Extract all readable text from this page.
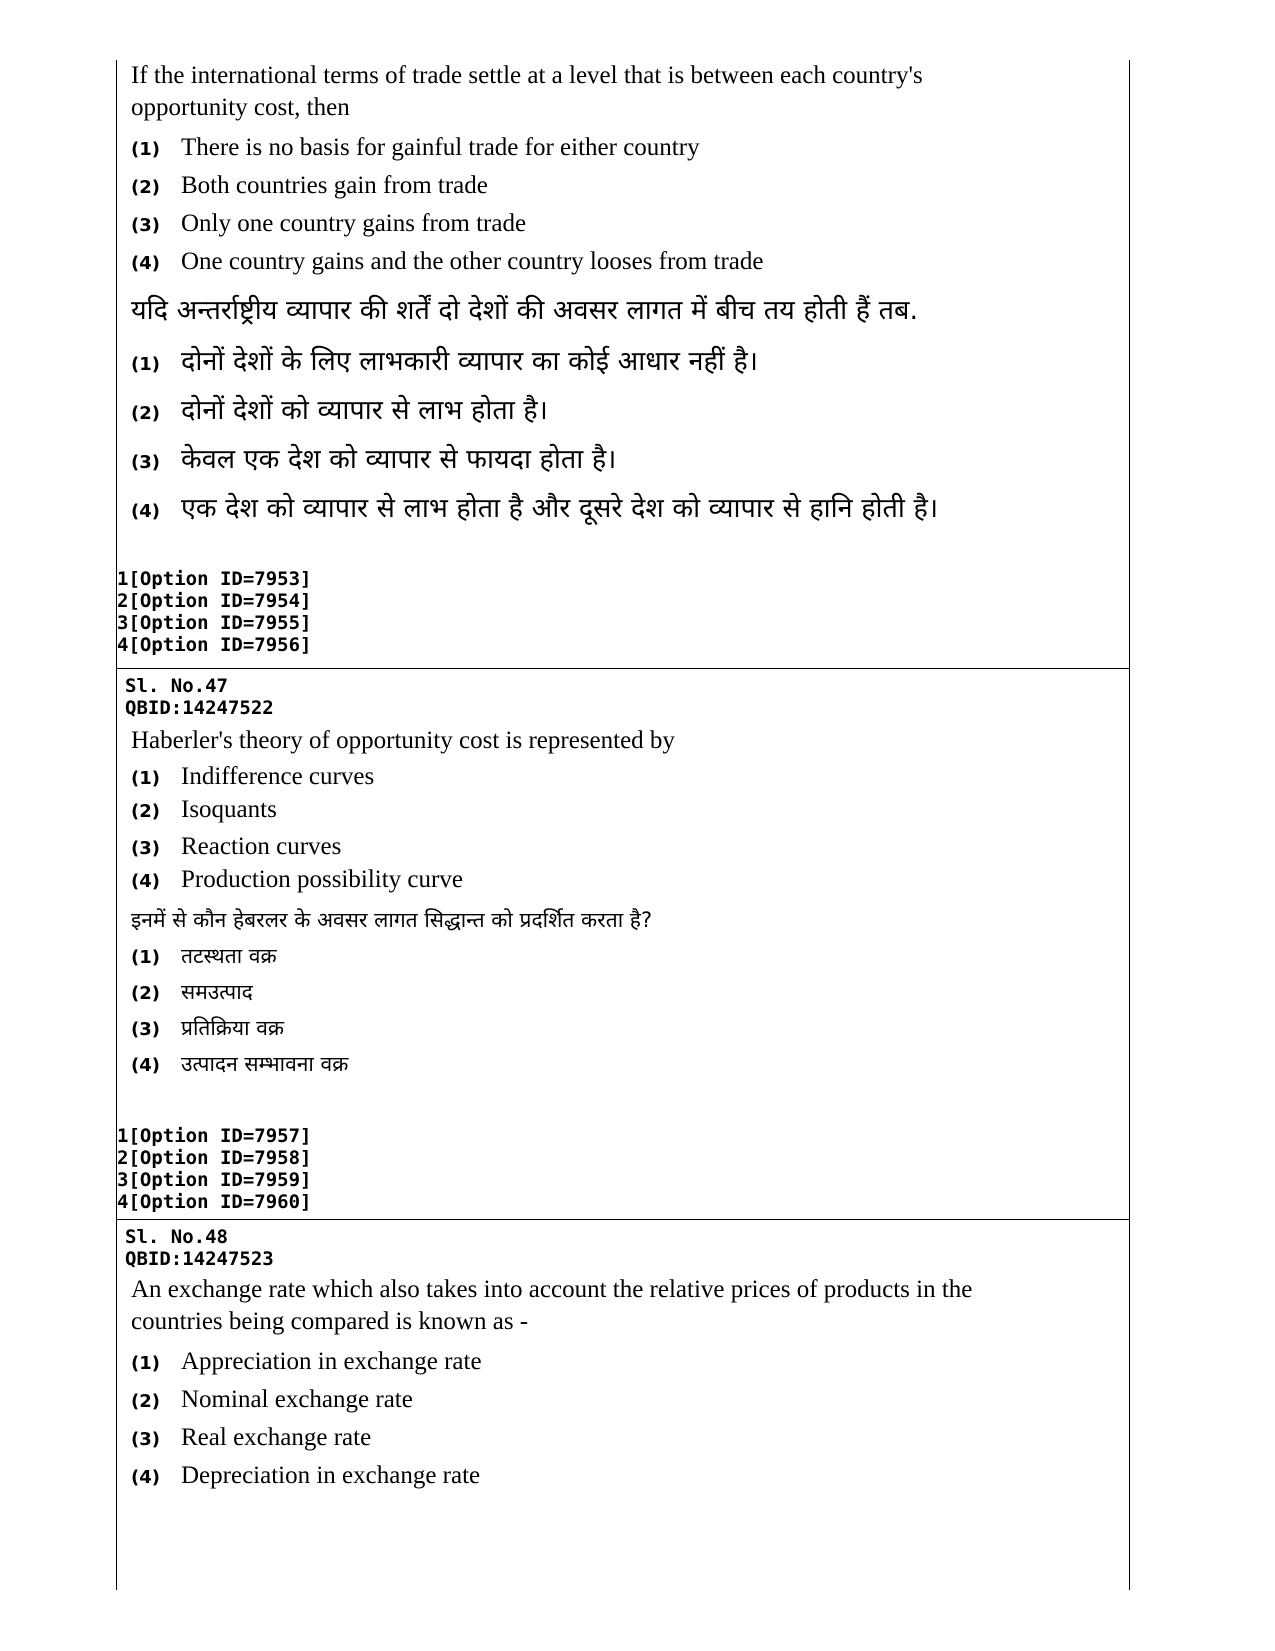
If the international terms of trade settle at a level that is between each country's opportunity cost, then
(1) There is no basis for gainful trade for either country
(2) Both countries gain from trade
(3) Only one country gains from trade
(4) One country gains and the other country looses from trade
यदि अन्तर्राष्ट्रीय व्यापार की शर्तें दो देशों की अवसर लागत में बीच तय होती हैं तब.
(1) दोनों देशों के लिए लाभकारी व्यापार का कोई आधार नहीं है।
(2) दोनों देशों को व्यापार से लाभ होता है।
(3) केवल एक देश को व्यापार से फायदा होता है।
(4) एक देश को व्यापार से लाभ होता है और दूसरे देश को व्यापार से हानि होती है।
1[Option ID=7953]
2[Option ID=7954]
3[Option ID=7955]
4[Option ID=7956]
Sl. No.47
QBID:14247522
Haberler's theory of opportunity cost is represented by
(1) Indifference curves
(2) Isoquants
(3) Reaction curves
(4) Production possibility curve
इनमें से कौन हेबरलर के अवसर लागत सिद्धान्त को प्रदर्शित करता है?
(1)	तटस्थता वक्र
(2)	समउत्पाद
(3)	प्रतिक्रिया वक्र
(4)	उत्पादन सम्भावना वक्र
1[Option ID=7957]
2[Option ID=7958]
3[Option ID=7959]
4[Option ID=7960]
Sl. No.48
QBID:14247523
An exchange rate which also takes into account the relative prices of products in the countries being compared is known as -
(1) Appreciation in exchange rate
(2) Nominal exchange rate
(3) Real exchange rate
(4) Depreciation in exchange rate
